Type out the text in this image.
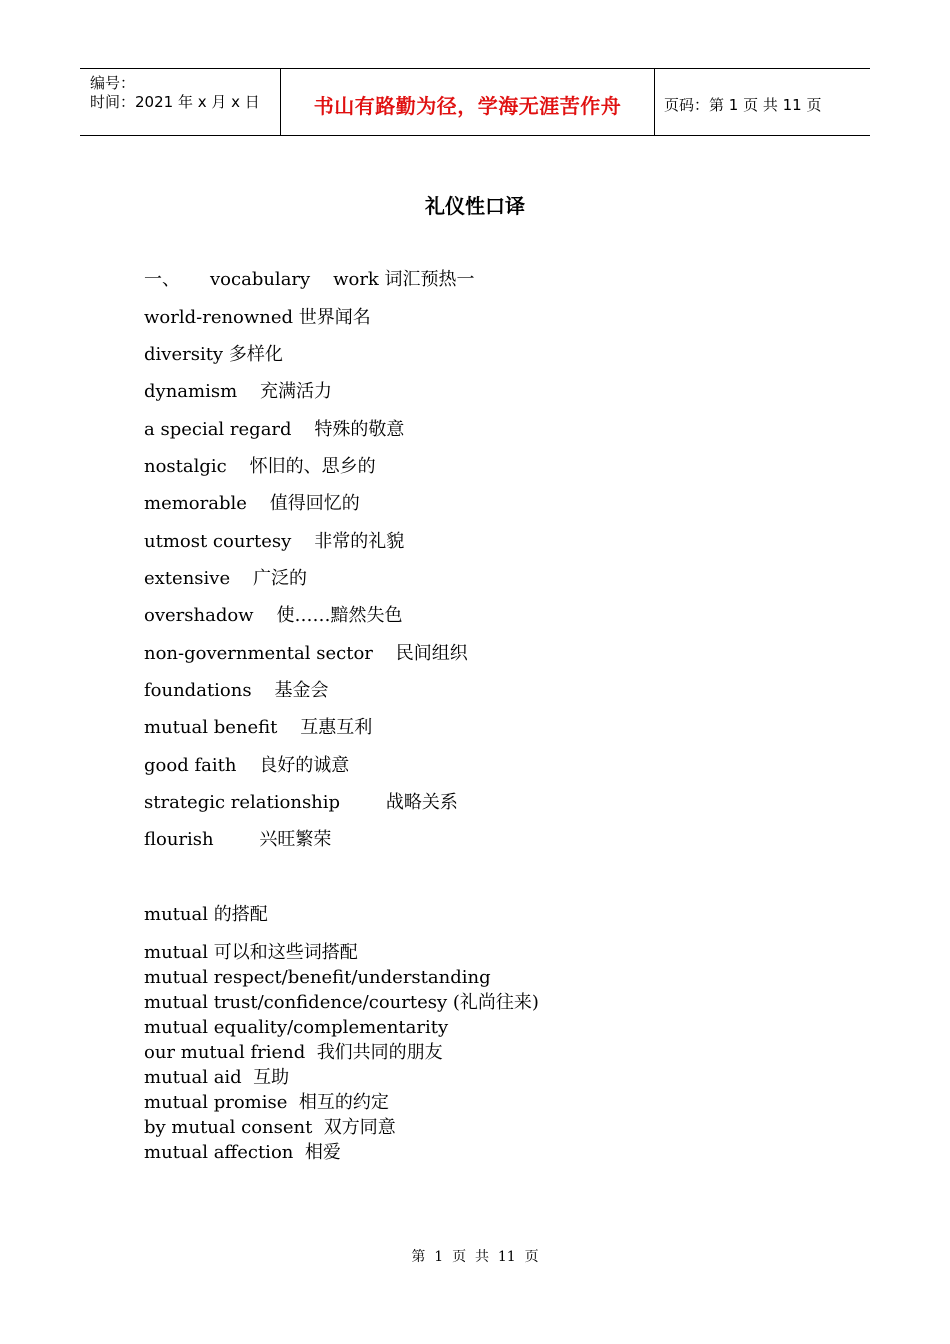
编号：
时间：2021 年 x 月 x 日	书山有路勤为径，学海无涯苦作舟	页码：第 1 页 共 11 页
礼仪性口译
一、 vocabulary    work 词汇预热一
world-renowned 世界闻名
diversity 多样化
dynamism    充满活力
a special regard    特殊的敬意
nostalgic    怀旧的、思乡的
memorable    值得回忆的
utmost courtesy    非常的礼貌
extensive    广泛的
overshadow    使……黯然失色
non-governmental sector    民间组织
foundations    基金会
mutual benefit    互惠互利
good faith    良好的诚意
strategic relationship        战略关系
flourish        兴旺繁荣
mutual 的搭配
mutual 可以和这些词搭配
mutual respect/benefit/understanding
mutual trust/confidence/courtesy (礼尚往来)
mutual equality/complementarity
our mutual friend  我们共同的朋友
mutual aid  互助
mutual promise  相互的约定
by mutual consent  双方同意
mutual affection  相爱
第  1  页  共  11  页
